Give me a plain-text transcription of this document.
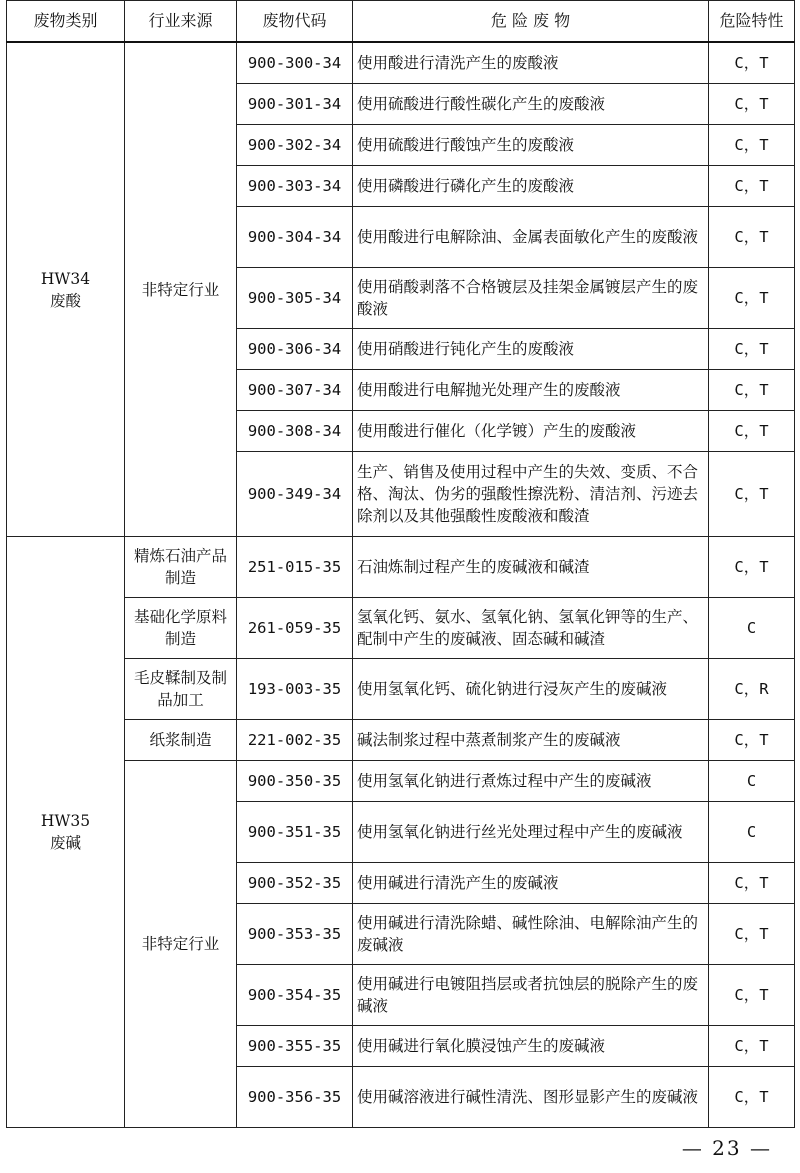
废物类别	行业来源	废物代码	危 险 废 物	危险特性

HW34
废酸	非特定行业	900-300-34	使用酸进行清洗产生的废酸液	C，T
		900-301-34	使用硫酸进行酸性碳化产生的废酸液	C，T
		900-302-34	使用硫酸进行酸蚀产生的废酸液	C，T
		900-303-34	使用磷酸进行磷化产生的废酸液	C，T
		900-304-34	使用酸进行电解除油、金属表面敏化产生的废酸液	C，T
		900-305-34	使用硝酸剥落不合格镀层及挂架金属镀层产生的废酸液	C，T
		900-306-34	使用硝酸进行钝化产生的废酸液	C，T
		900-307-34	使用酸进行电解抛光处理产生的废酸液	C，T
		900-308-34	使用酸进行催化（化学镀）产生的废酸液	C，T
		900-349-34	生产、销售及使用过程中产生的失效、变质、不合格、淘汰、伪劣的强酸性擦洗粉、清洁剂、污迹去除剂以及其他强酸性废酸液和酸渣	C，T

HW35
废碱	精炼石油产品制造	251-015-35	石油炼制过程产生的废碱液和碱渣	C，T
	基础化学原料制造	261-059-35	氢氧化钙、氨水、氢氧化钠、氢氧化钾等的生产、配制中产生的废碱液、固态碱和碱渣	C
	毛皮鞣制及制品加工	193-003-35	使用氢氧化钙、硫化钠进行浸灰产生的废碱液	C，R
	纸浆制造	221-002-35	碱法制浆过程中蒸煮制浆产生的废碱液	C，T
	非特定行业	900-350-35	使用氢氧化钠进行煮炼过程中产生的废碱液	C
		900-351-35	使用氢氧化钠进行丝光处理过程中产生的废碱液	C
		900-352-35	使用碱进行清洗产生的废碱液	C，T
		900-353-35	使用碱进行清洗除蜡、碱性除油、电解除油产生的废碱液	C，T
		900-354-35	使用碱进行电镀阻挡层或者抗蚀层的脱除产生的废碱液	C，T
		900-355-35	使用碱进行氧化膜浸蚀产生的废碱液	C，T
		900-356-35	使用碱溶液进行碱性清洗、图形显影产生的废碱液	C，T
— 23 —
